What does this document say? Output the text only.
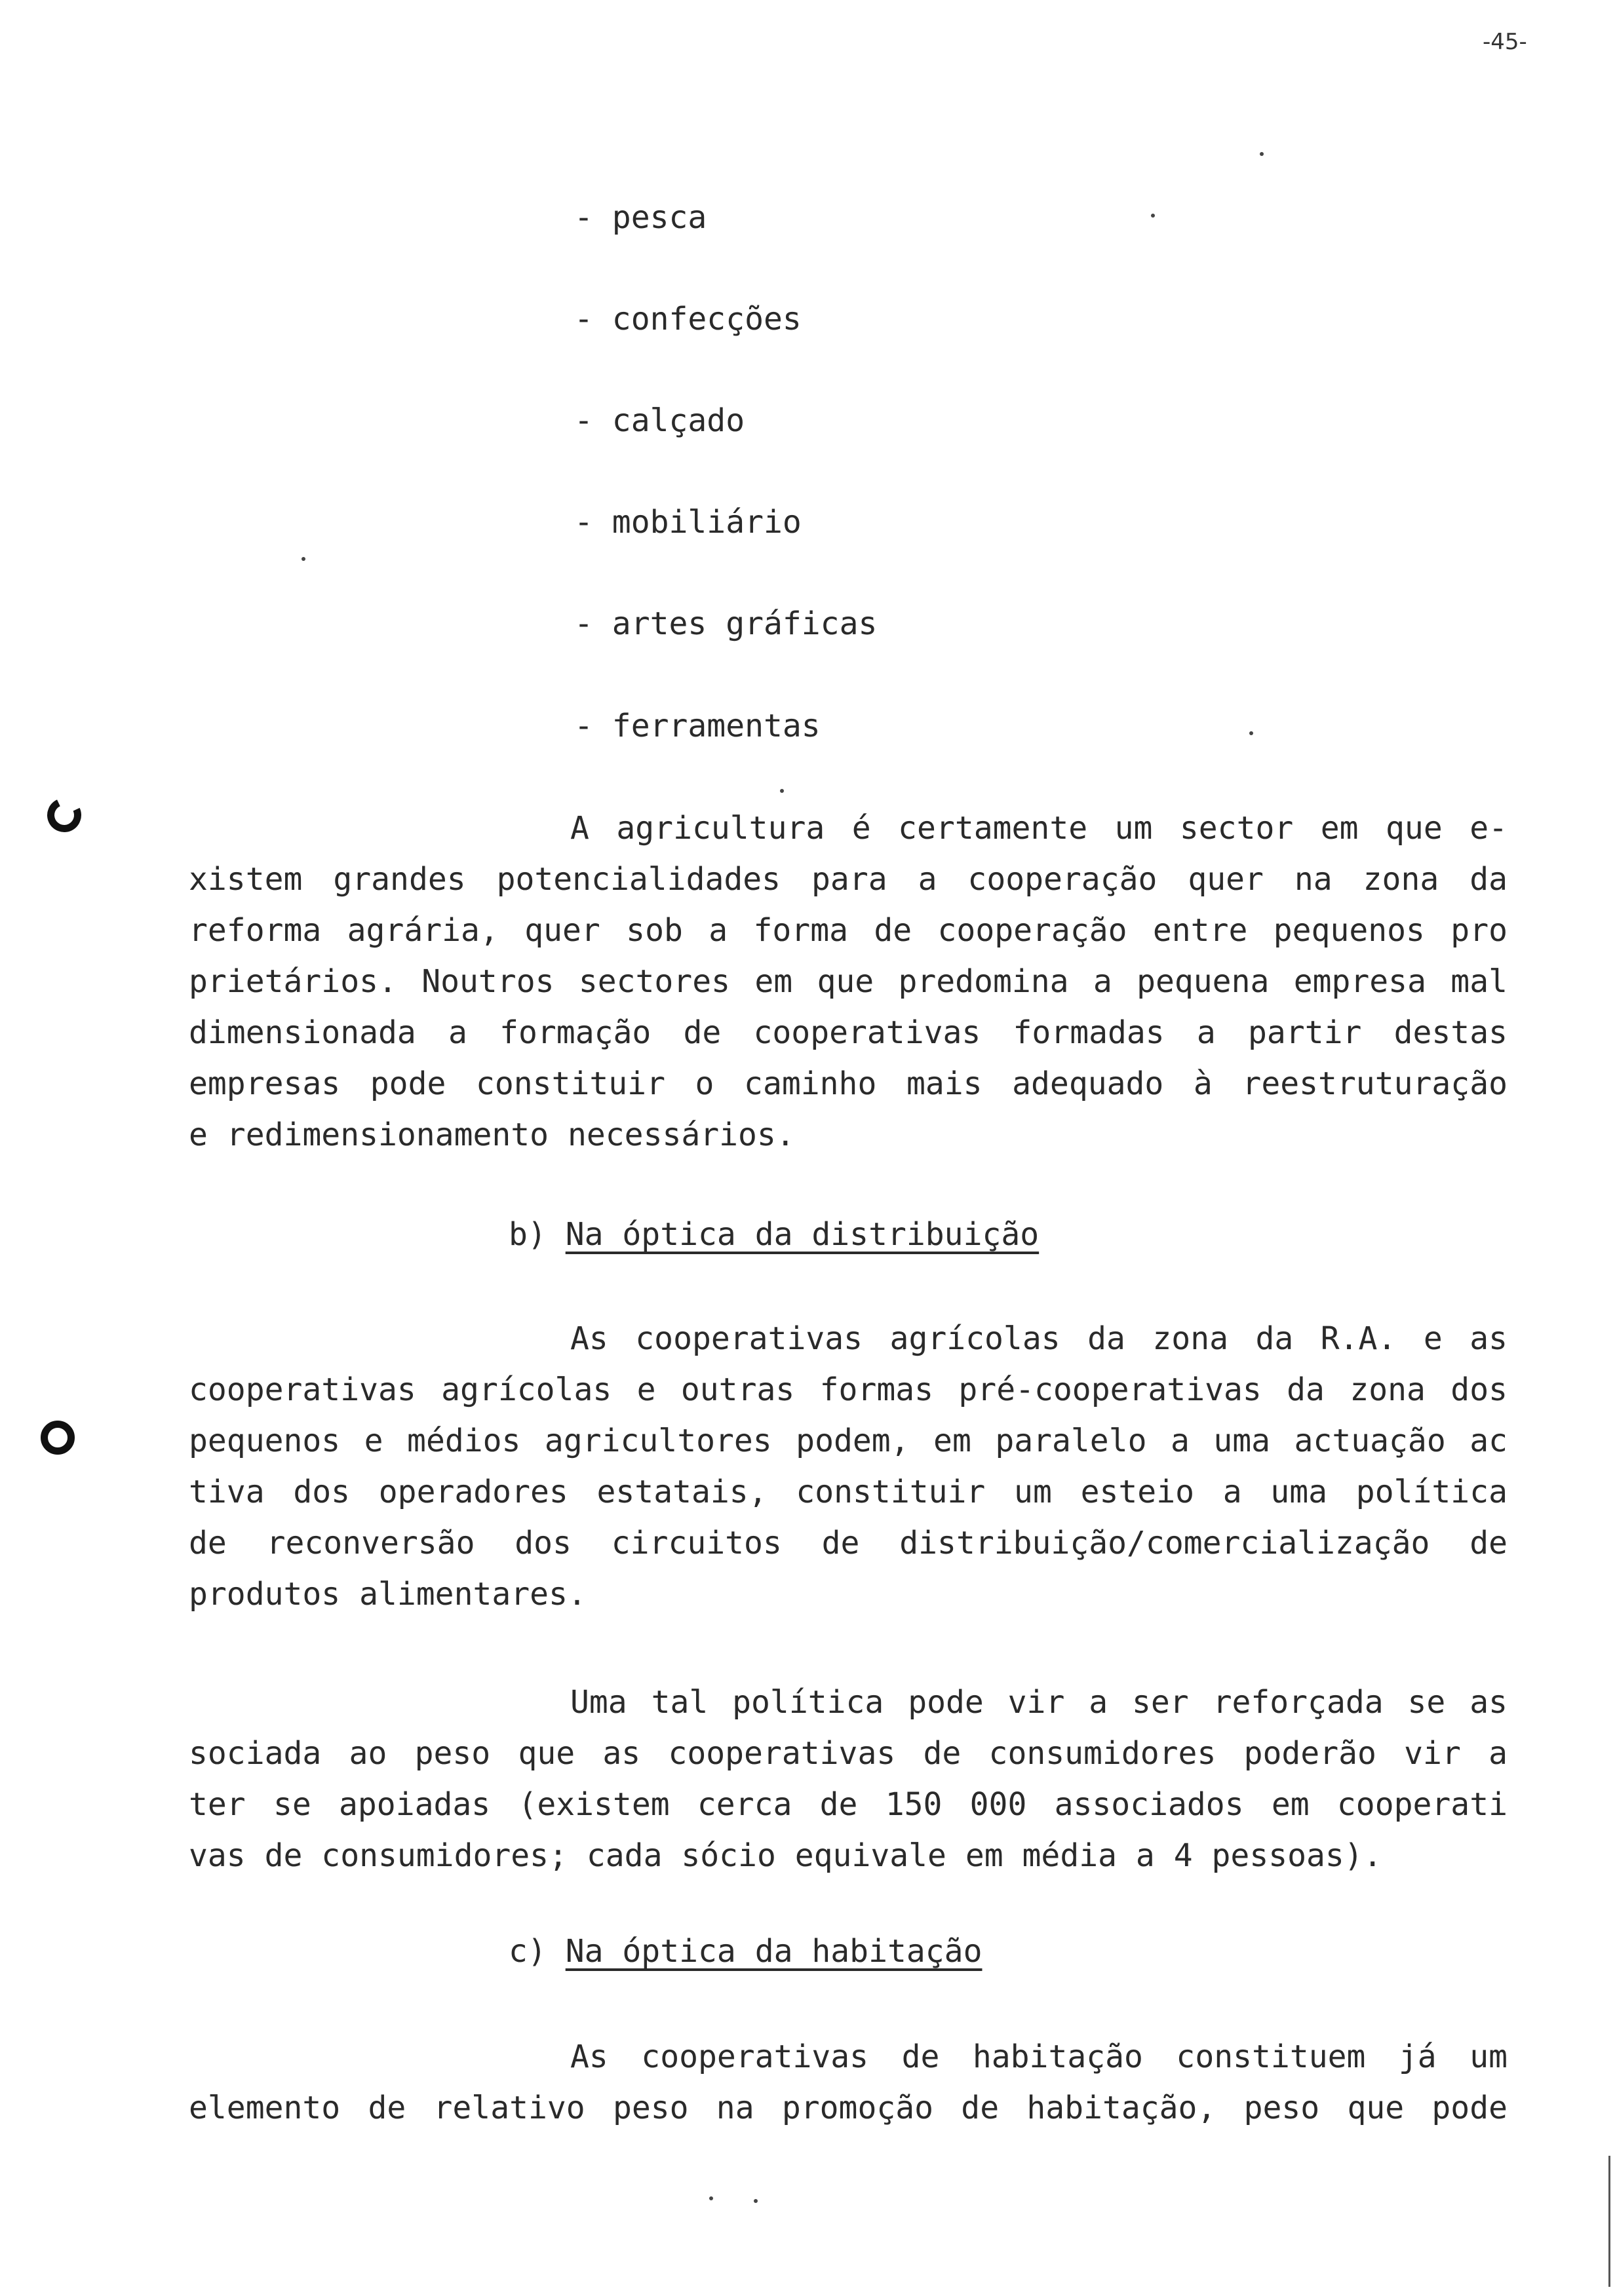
-45-
- pesca
- confecções
- calçado
- mobiliário
- artes gráficas
- ferramentas
A agricultura é certamente um sector em que e-
xistem grandes potencialidades para a cooperação quer na zona da
reforma agrária, quer sob a forma de cooperação entre pequenos pro
prietários. Noutros sectores em que predomina a pequena empresa mal
dimensionada a formação de cooperativas formadas a partir destas
empresas pode constituir o caminho mais adequado à reestruturação
e redimensionamento necessários.
b) Na óptica da distribuição
As cooperativas agrícolas da zona da R.A. e as
cooperativas agrícolas e outras formas pré-cooperativas da zona dos
pequenos e médios agricultores podem, em paralelo a uma actuação ac
tiva dos operadores estatais, constituir um esteio a uma política
de reconversão dos circuitos de distribuição/comercialização de
produtos alimentares.
Uma tal política pode vir a ser reforçada se as
sociada ao peso que as cooperativas de consumidores poderão vir a
ter se apoiadas (existem cerca de 150 000 associados em cooperati
vas de consumidores; cada sócio equivale em média a 4 pessoas).
c) Na óptica da habitação
As cooperativas de habitação constituem já um
elemento de relativo peso na promoção de habitação, peso que pode
